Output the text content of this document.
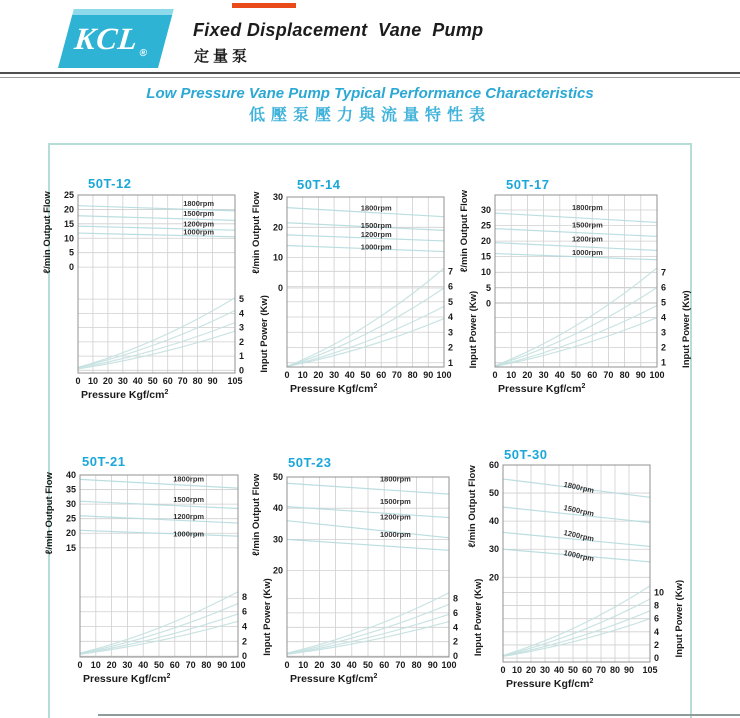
$KCL_®$
Fixed Displacement  Vane  Pump
定量泵
Low Pressure Vane Pump Typical Performance Characteristics
低壓泵壓力與流量特性表
50T-12
25
20
15
10
5
0
5
4
3
2
1
0
0 10 20 30 40 50 60 70 80 90 105
Pressure Kgf/$cm^2$
ℓ/min Output Flow
Input Power (Kw)
1800rpm
1500rpm
1200rpm
1000rpm
50T-14
30
20
10
0
7
6
5
4
3
2
1
0 10 20 30 40 50 60 70 80 90 100
Pressure Kgf/$cm^2$
ℓ/min Output Flow
Input Power (Kw)
1800rpm
1500rpm
1200rpm
1000rpm
50T-17
30
25
20
15
10
5
0
7
6
5
4
3
2
1
0 10 20 30 40 50 60 70 80 90 100
Pressure Kgf/$cm^2$
ℓ/min Output Flow
Input Power (Kw)
1800rpm
1500rpm
1200rpm
1000rpm
50T-21
40
35
30
25
20
15
8
6
4
2
0
0 10 20 30 40 50 60 70 80 90 100
Pressure Kgf/$cm^2$
ℓ/min Output Flow
Input Power (Kw)
1800rpm
1500rpm
1200rpm
1000rpm
50T-23
50
40
30
20
8
6
4
2
0
0 10 20 30 40 50 60 70 80 90 100
Pressure Kgf/$cm^2$
ℓ/min Output Flow
Input Power (Kw)
1800rpm
1500rpm
1200rpm
1000rpm
50T-30
60
50
40
30
20
10
8
6
4
2
0
0 10 20 30 40 50 60 70 80 90 105
Pressure Kgf/$cm^2$
ℓ/min Output Flow
Input Power (Kw)
1800rpm
1500rpm
1200rpm
1000rpm
